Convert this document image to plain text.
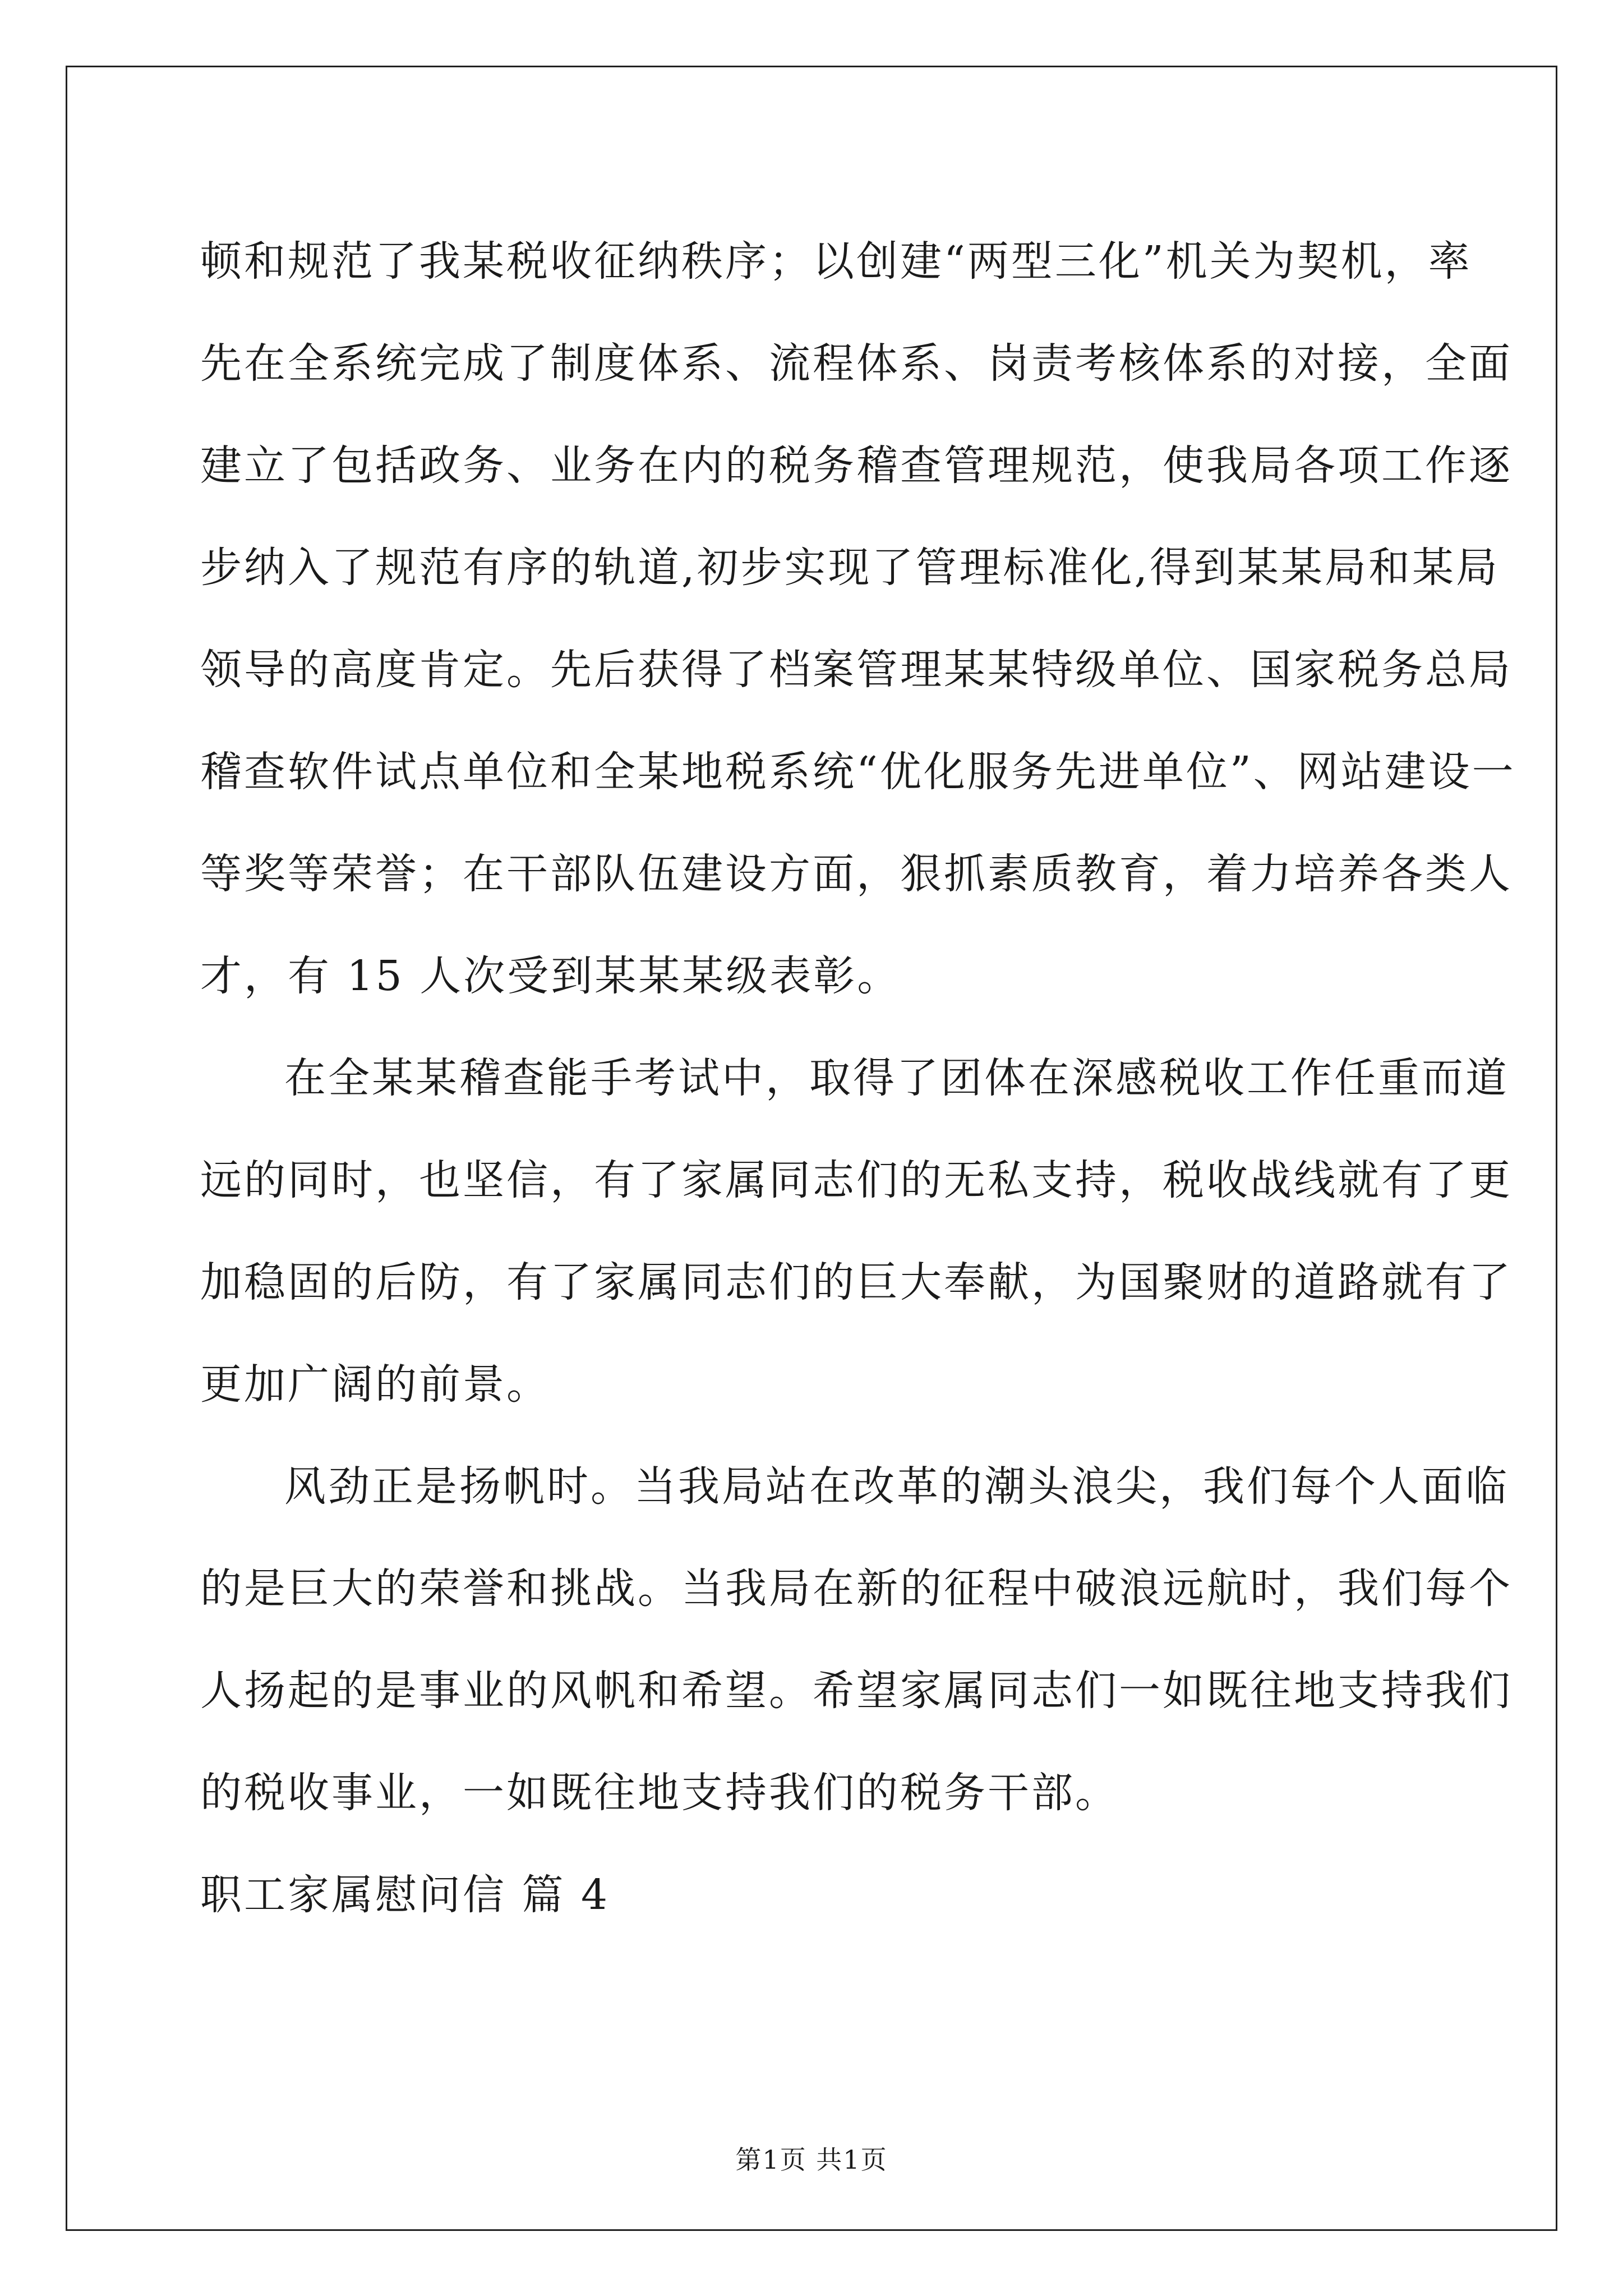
顿和规范了我某税收征纳秩序；以创建“两型三化”机关为契机，率

先在全系统完成了制度体系、流程体系、岗责考核体系的对接，全面

建立了包括政务、业务在内的税务稽查管理规范，使我局各项工作逐

步纳入了规范有序的轨道,初步实现了管理标准化,得到某某局和某局

领导的高度肯定。先后获得了档案管理某某特级单位、国家税务总局

稽查软件试点单位和全某地税系统“优化服务先进单位”、网站建设一

等奖等荣誉；在干部队伍建设方面，狠抓素质教育，着力培养各类人

才，有 15 人次受到某某某级表彰。

在全某某稽查能手考试中，取得了团体在深感税收工作任重而道

远的同时，也坚信，有了家属同志们的无私支持，税收战线就有了更

加稳固的后防，有了家属同志们的巨大奉献，为国聚财的道路就有了

更加广阔的前景。

风劲正是扬帆时。当我局站在改革的潮头浪尖，我们每个人面临

的是巨大的荣誉和挑战。当我局在新的征程中破浪远航时，我们每个

人扬起的是事业的风帆和希望。希望家属同志们一如既往地支持我们

的税收事业，一如既往地支持我们的税务干部。

职工家属慰问信 篇 4

第1页 共1页
